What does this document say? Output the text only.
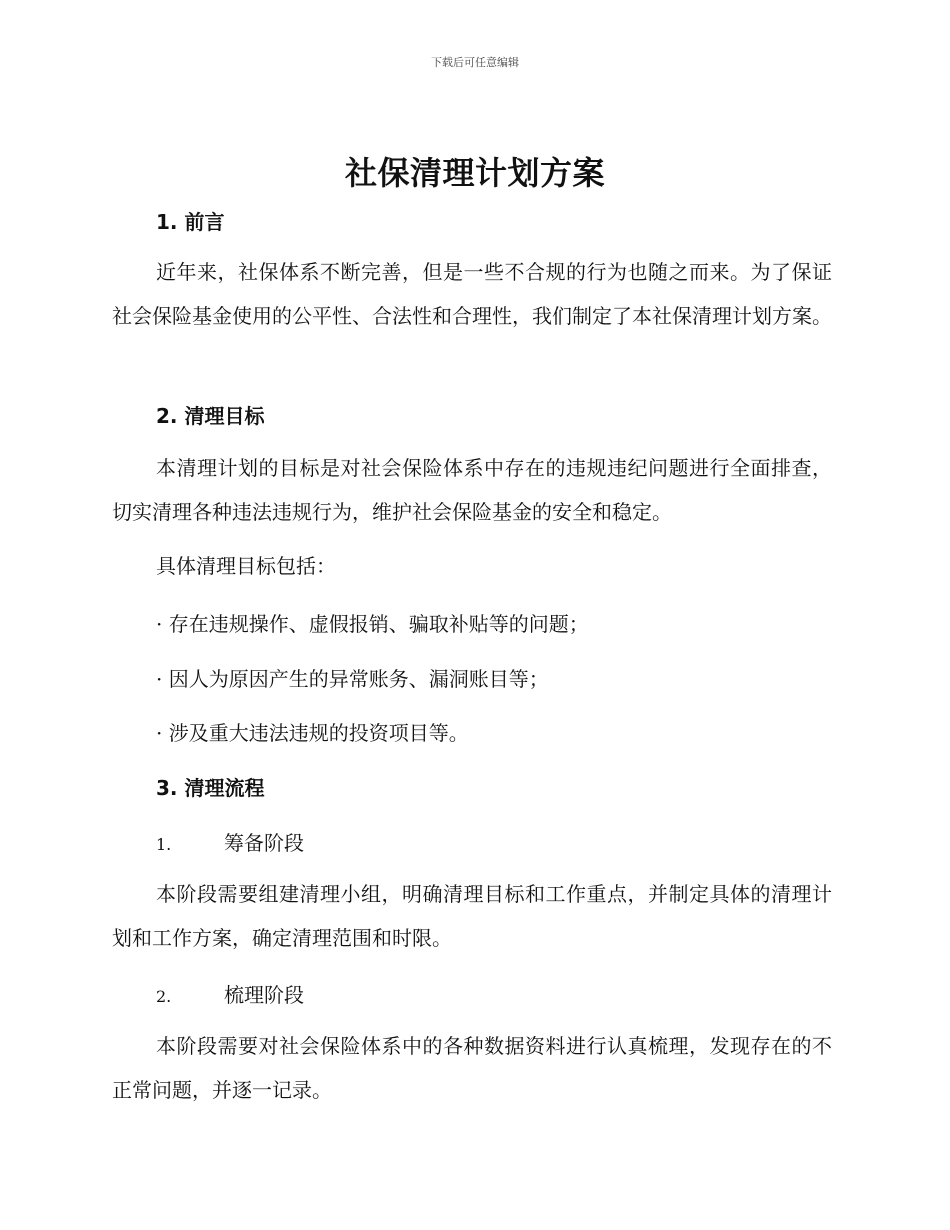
下载后可任意编辑
社保清理计划方案
1. 前言
近年来，社保体系不断完善，但是一些不合规的行为也随之而来。为了保证社会保险基金使用的公平性、合法性和合理性，我们制定了本社保清理计划方案。
2. 清理目标
本清理计划的目标是对社会保险体系中存在的违规违纪问题进行全面排查，切实清理各种违法违规行为，维护社会保险基金的安全和稳定。
具体清理目标包括：
· 存在违规操作、虚假报销、骗取补贴等的问题；
· 因人为原因产生的异常账务、漏洞账目等；
· 涉及重大违法违规的投资项目等。
3. 清理流程
1.	筹备阶段
本阶段需要组建清理小组，明确清理目标和工作重点，并制定具体的清理计划和工作方案，确定清理范围和时限。
2.	梳理阶段
本阶段需要对社会保险体系中的各种数据资料进行认真梳理，发现存在的不正常问题，并逐一记录。
